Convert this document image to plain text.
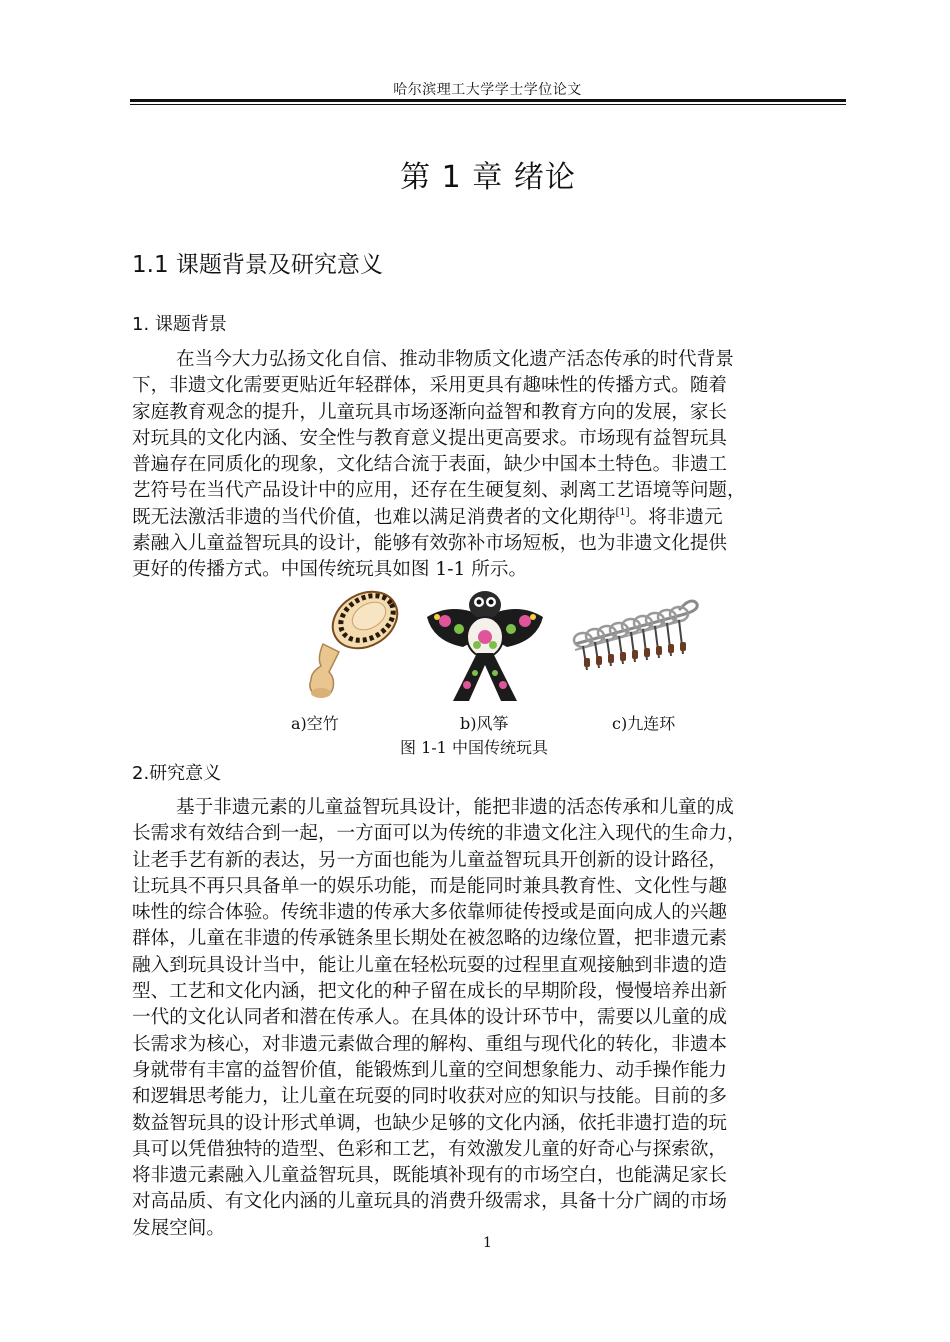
哈尔滨理工大学学士学位论文
第 1 章 绪论
1.1 课题背景及研究意义
1. 课题背景
在当今大力弘扬文化自信、推动非物质文化遗产活态传承的时代背景
下，非遗文化需要更贴近年轻群体，采用更具有趣味性的传播方式。随着
家庭教育观念的提升，儿童玩具市场逐渐向益智和教育方向的发展，家长
对玩具的文化内涵、安全性与教育意义提出更高要求。市场现有益智玩具
普遍存在同质化的现象，文化结合流于表面，缺少中国本土特色。非遗工
艺符号在当代产品设计中的应用，还存在生硬复刻、剥离工艺语境等问题，
既无法激活非遗的当代价值，也难以满足消费者的文化期待[1]。将非遗元
素融入儿童益智玩具的设计，能够有效弥补市场短板，也为非遗文化提供
更好的传播方式。中国传统玩具如图 1-1 所示。
a)空竹	b)风筝	c)九连环
图 1-1 中国传统玩具
2.研究意义
基于非遗元素的儿童益智玩具设计，能把非遗的活态传承和儿童的成
长需求有效结合到一起，一方面可以为传统的非遗文化注入现代的生命力，
让老手艺有新的表达，另一方面也能为儿童益智玩具开创新的设计路径，
让玩具不再只具备单一的娱乐功能，而是能同时兼具教育性、文化性与趣
味性的综合体验。传统非遗的传承大多依靠师徒传授或是面向成人的兴趣
群体，儿童在非遗的传承链条里长期处在被忽略的边缘位置，把非遗元素
融入到玩具设计当中，能让儿童在轻松玩耍的过程里直观接触到非遗的造
型、工艺和文化内涵，把文化的种子留在成长的早期阶段，慢慢培养出新
一代的文化认同者和潜在传承人。在具体的设计环节中，需要以儿童的成
长需求为核心，对非遗元素做合理的解构、重组与现代化的转化，非遗本
身就带有丰富的益智价值，能锻炼到儿童的空间想象能力、动手操作能力
和逻辑思考能力，让儿童在玩耍的同时收获对应的知识与技能。目前的多
数益智玩具的设计形式单调，也缺少足够的文化内涵，依托非遗打造的玩
具可以凭借独特的造型、色彩和工艺，有效激发儿童的好奇心与探索欲，
将非遗元素融入儿童益智玩具，既能填补现有的市场空白，也能满足家长
对高品质、有文化内涵的儿童玩具的消费升级需求，具备十分广阔的市场
发展空间。
1
